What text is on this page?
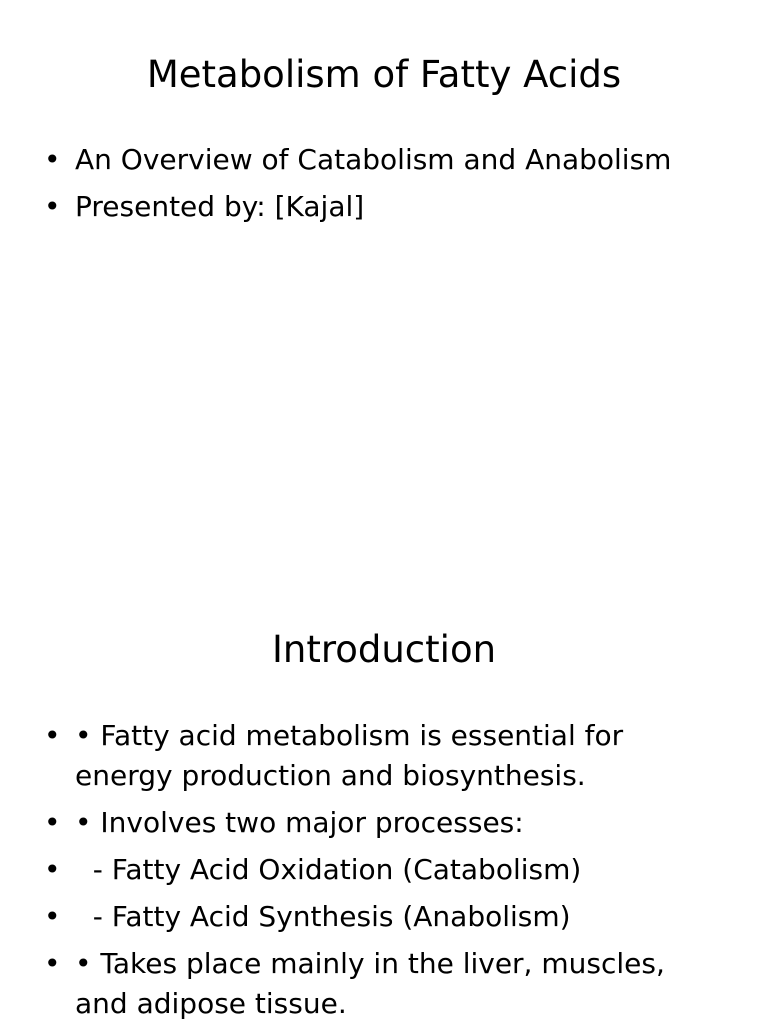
Metabolism of Fatty Acids
• An Overview of Catabolism and Anabolism
• Presented by: [Kajal]
Introduction
• • Fatty acid metabolism is essential for energy production and biosynthesis.
• • Involves two major processes:
• - Fatty Acid Oxidation (Catabolism)
• - Fatty Acid Synthesis (Anabolism)
• • Takes place mainly in the liver, muscles, and adipose tissue.
